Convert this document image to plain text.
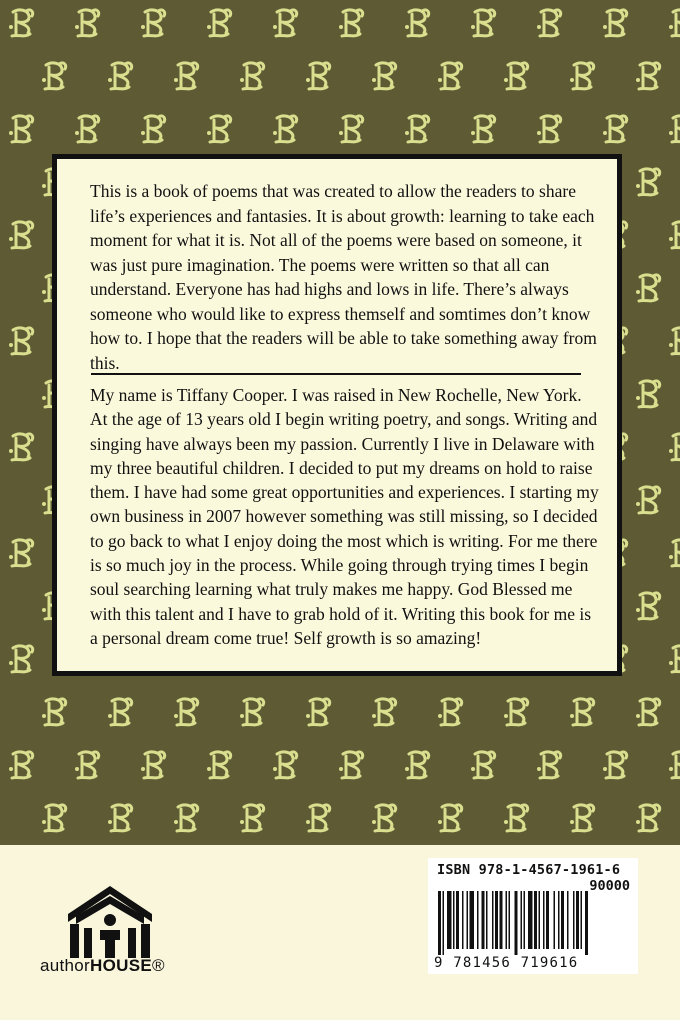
This is a book of poems that was created to allow the readers to share life’s experiences and fantasies. It is about growth: learning to take each moment for what it is. Not all of the poems were based on someone, it was just pure imagination. The poems were written so that all can understand. Everyone has had highs and lows in life. There’s always someone who would like to express themself and somtimes don’t know how to. I hope that the readers will be able to take something away from this.

My name is Tiffany Cooper. I was raised in New Rochelle, New York. At the age of 13 years old I begin writing poetry, and songs. Writing and singing have always been my passion. Currently I live in Delaware with my three beautiful children. I decided to put my dreams on hold to raise them. I have had some great opportunities and experiences. I starting my own business in 2007 however something was still missing, so I decided to go back to what I enjoy doing the most which is writing. For me there is so much joy in the process. While going through trying times I begin soul searching learning what truly makes me happy. God Blessed me with this talent and I have to grab hold of it. Writing this book for me is a personal dream come true! Self growth is so amazing!

authorHOUSE®
ISBN 978-1-4567-1961-6
90000
9 781456 719616
